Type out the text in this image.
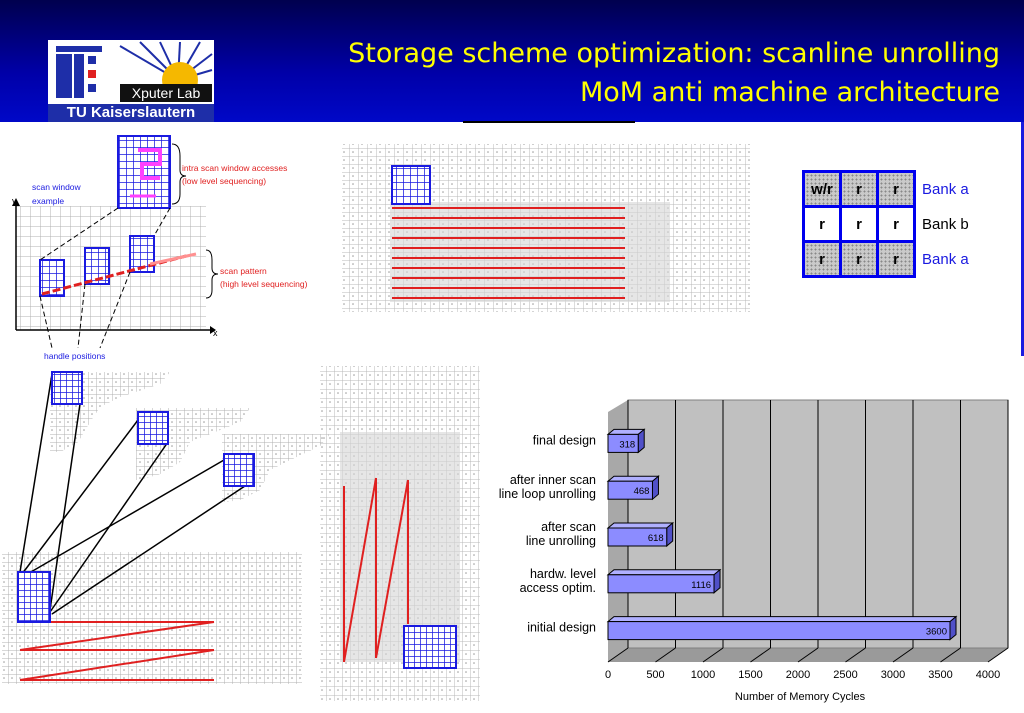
Xputer Lab
TU Kaiserslautern
Storage scheme optimization: scanline unrolling
MoM anti machine architecture
x
y
intra scan window accesses
(low level sequencing)
scan pattern
(high level sequencing)
scan window
example
handle positions
w/r	r	r	Bank a
r	r	r	Bank b
r	r	r	Bank a
318
468
618
1116
3600
0	500 1000 1500 2000 2500 3000 3500 4000
final design
after inner scan
line loop unrolling
after scan
line unrolling
hardw. level
access optim.
initial design
Number of Memory Cycles
